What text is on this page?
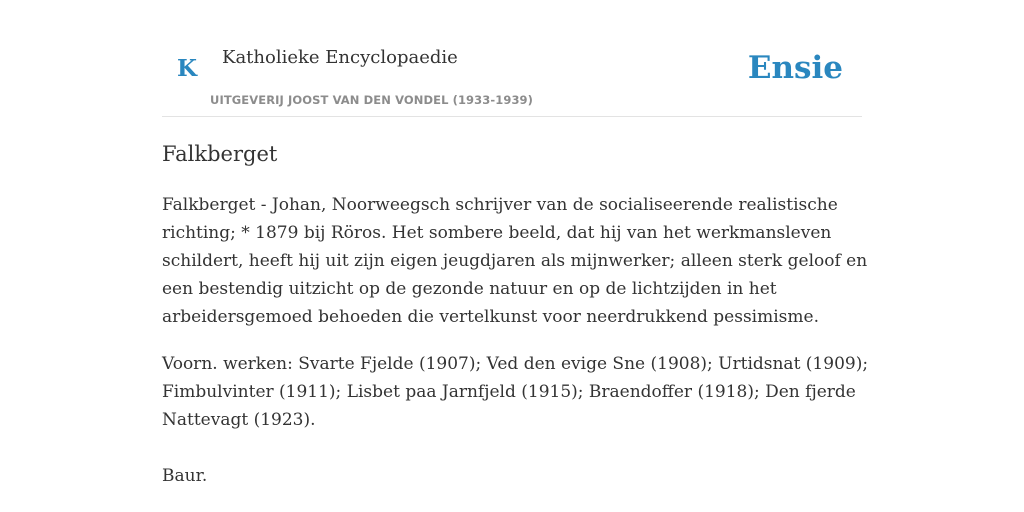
K Katholieke Encyclopaedie
UITGEVERIJ JOOST VAN DEN VONDEL (1933-1939)
Ensie
Falkberget

Falkberget - Johan, Noorweegsch schrijver van de socialiseerende realistische
richting; * 1879 bij Röros. Het sombere beeld, dat hij van het werkmansleven
schildert, heeft hij uit zijn eigen jeugdjaren als mijnwerker; alleen sterk geloof en
een bestendig uitzicht op de gezonde natuur en op de lichtzijden in het
arbeidersgemoed behoeden die vertelkunst voor neerdrukkend pessimisme.

Voorn. werken: Svarte Fjelde (1907); Ved den evige Sne (1908); Urtidsnat (1909);
Fimbulvinter (1911); Lisbet paa Jarnfjeld (1915); Braendoffer (1918); Den fjerde
Nattevagt (1923).

Baur.
